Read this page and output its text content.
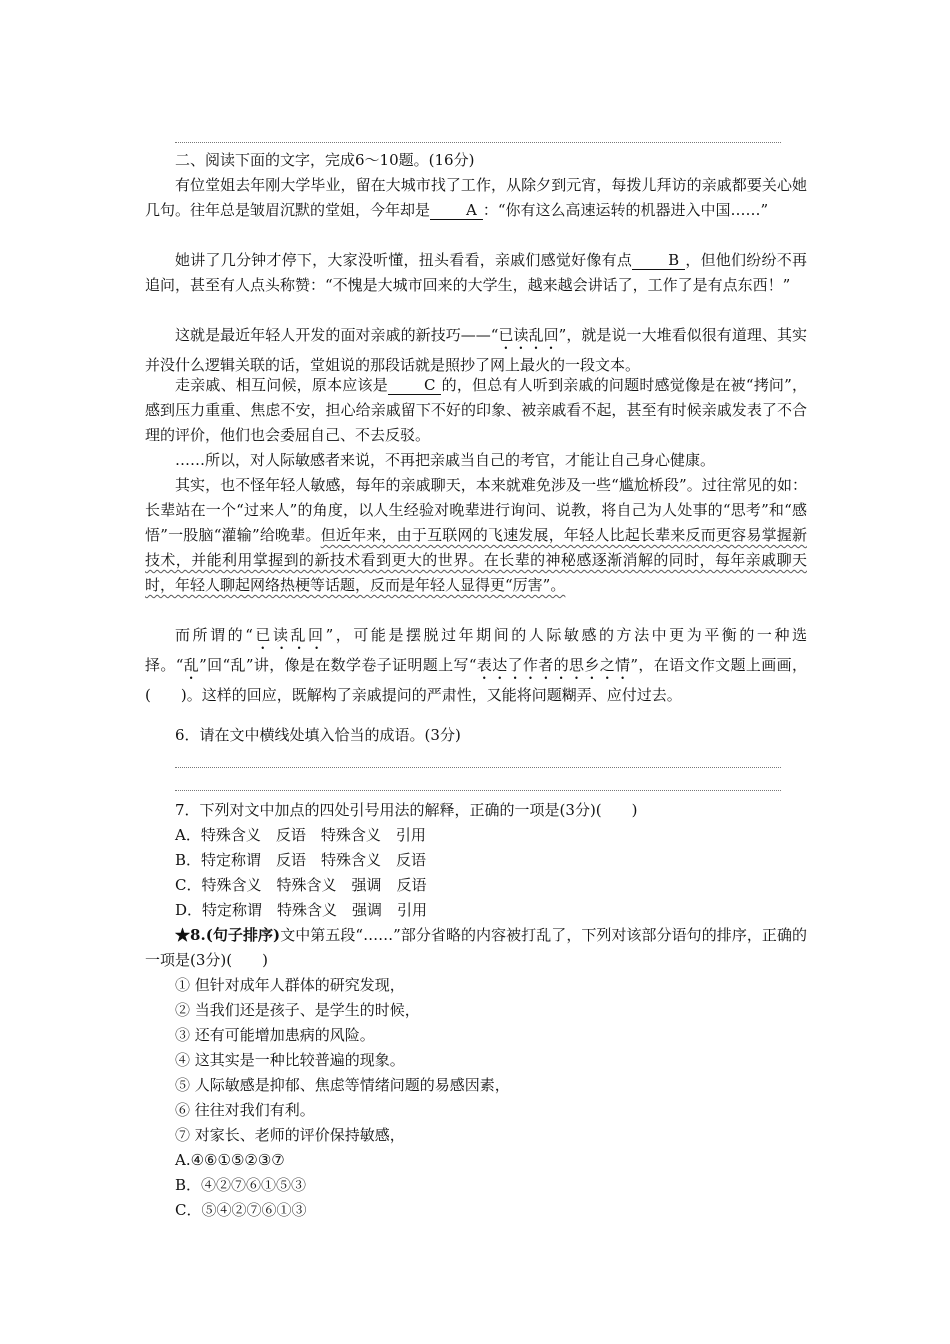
二、阅读下面的文字，完成6～10题。(16分)
有位堂姐去年刚大学毕业，留在大城市找了工作，从除夕到元宵，每拨儿拜访的亲戚都要关心她几句。往年总是皱眉沉默的堂姐，今年却是 A ：“你有这么高速运转的机器进入中国……”
她讲了几分钟才停下，大家没听懂，扭头看看，亲戚们感觉好像有点 B ，但他们纷纷不再追问，甚至有人点头称赞：“不愧是大城市回来的大学生，越来越会讲话了，工作了是有点东西！”
这就是最近年轻人开发的面对亲戚的新技巧——“已读乱回”，就是说一大堆看似很有道理、其实并没什么逻辑关联的话，堂姐说的那段话就是照抄了网上最火的一段文本。
走亲戚、相互问候，原本应该是 C 的，但总有人听到亲戚的问题时感觉像是在被“拷问”，感到压力重重、焦虑不安，担心给亲戚留下不好的印象、被亲戚看不起，甚至有时候亲戚发表了不合理的评价，他们也会委屈自己、不去反驳。
……所以，对人际敏感者来说，不再把亲戚当自己的考官，才能让自己身心健康。
其实，也不怪年轻人敏感，每年的亲戚聊天，本来就难免涉及一些“尴尬桥段”。过往常见的如：长辈站在一个“过来人”的角度，以人生经验对晚辈进行询问、说教，将自己为人处事的“思考”和“感悟”一股脑“灌输”给晚辈。但近年来，由于互联网的飞速发展，年轻人比起长辈来反而更容易掌握新技术，并能利用掌握到的新技术看到更大的世界。在长辈的神秘感逐渐消解的同时，每年亲戚聊天时，年轻人聊起网络热梗等话题，反而是年轻人显得更“厉害”。
而所谓的“已读乱回”，可能是摆脱过年期间的人际敏感的方法中更为平衡的一种选择。“乱”回“乱”讲，像是在数学卷子证明题上写“表达了作者的思乡之情”，在语文作文题上画画，(　　)。这样的回应，既解构了亲戚提问的严肃性，又能将问题糊弄、应付过去。
6．请在文中横线处填入恰当的成语。(3分)
7．下列对文中加点的四处引号用法的解释，正确的一项是(3分)(　　)
A．特殊含义　反语　特殊含义　引用
B．特定称谓　反语　特殊含义　反语
C．特殊含义　特殊含义　强调　反语
D．特定称谓　特殊含义　强调　引用
★8.(句子排序)文中第五段“……”部分省略的内容被打乱了，下列对该部分语句的排序，正确的一项是(3分)(　　)
① 但针对成年人群体的研究发现，
② 当我们还是孩子、是学生的时候，
③ 还有可能增加患病的风险。
④ 这其实是一种比较普遍的现象。
⑤ 人际敏感是抑郁、焦虑等情绪问题的易感因素，
⑥ 往往对我们有利。
⑦ 对家长、老师的评价保持敏感，
A.④⑥①⑤②③⑦
B．④②⑦⑥①⑤③
C．⑤④②⑦⑥①③
